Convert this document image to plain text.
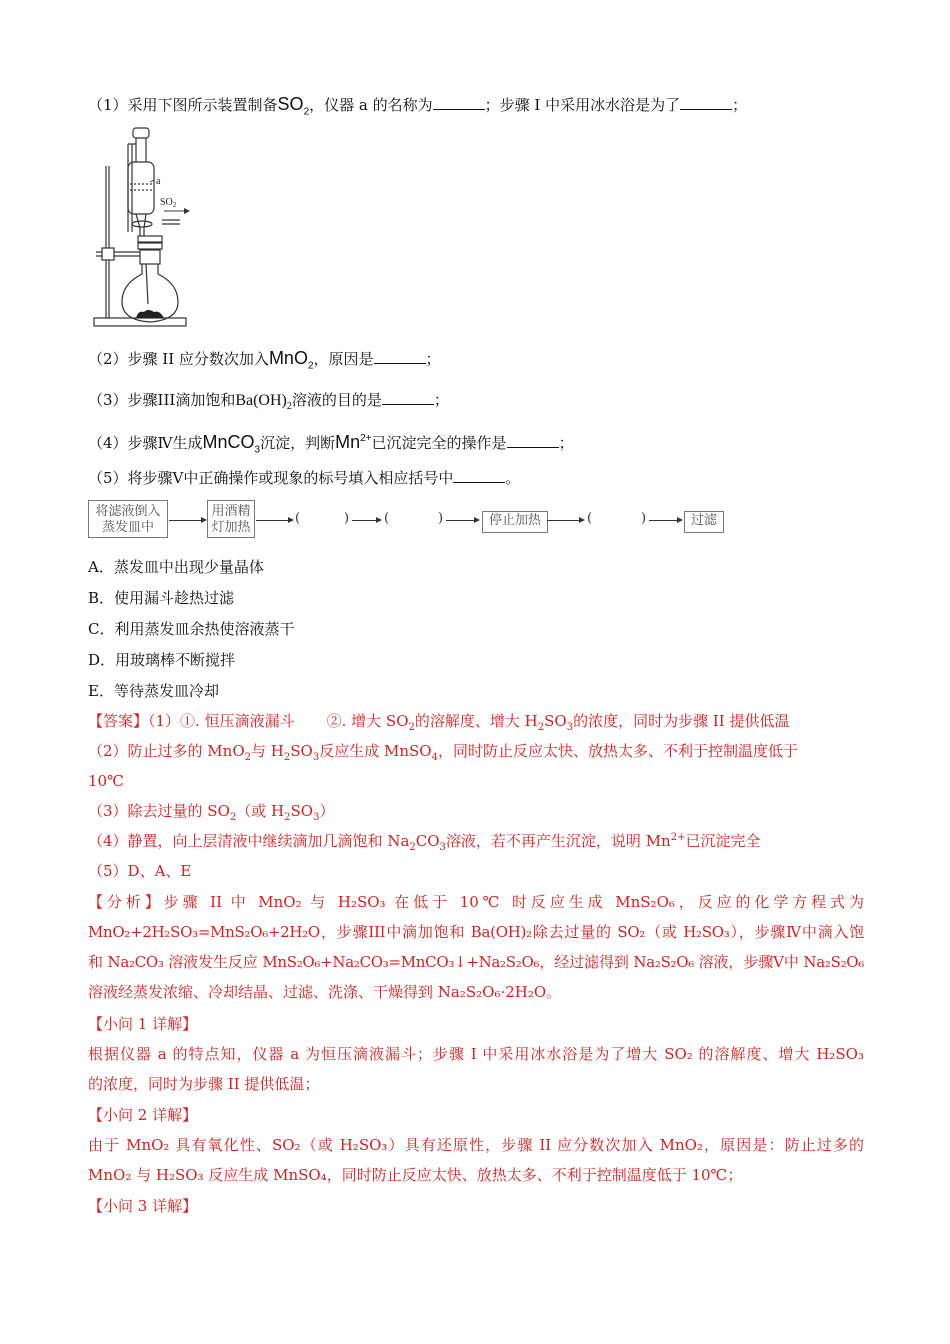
（1）采用下图所示装置制备$SO_2$，仪器 a 的名称为	；步骤 I 中采用冰水浴是为了	；
a
$SO_2$
（2）步骤 II 应分数次加入MnO$_2$，原因是	；
（3）步骤III滴加饱和$Ba(OH)_2$溶液的目的是	；
（4）步骤Ⅳ生成MnCO$_3$沉淀，判断$Mn^{2+}$已沉淀完全的操作是	；
（5）将步骤Ⅴ中正确操作或现象的标号填入相应括号中	。
将滤液倒入
蒸发皿中
用酒精
灯加热
(	)	(	)	停止加热	(	)	过滤
A．蒸发皿中出现少量晶体
B．使用漏斗趁热过滤
C．利用蒸发皿余热使溶液蒸干
D．用玻璃棒不断搅拌
E．等待蒸发皿冷却
【答案】（1）①. 恒压滴液漏斗 ②. 增大 $SO_2$的溶解度、增大 $H_2SO_3$的浓度，同时为步骤 II 提供低温
（2）防止过多的 MnO$_2$与 $H_2SO_3$反应生成 MnSO$_4$，同时防止反应太快、放热太多、不利于控制温度低于
10℃
（3）除去过量的 $SO_2$（或 $H_2SO_3$）
（4）静置，向上层清液中继续滴加几滴饱和 $Na_2CO_3$溶液，若不再产生沉淀，说明 $Mn^{2+}$已沉淀完全
（5）D、A、E
【分析】步骤 II 中 MnO₂ 与 H₂SO₃ 在低于 10℃ 时反应生成 MnS₂O₆，反应的化学方程式为
MnO₂+2H₂SO₃=MnS₂O₆+2H₂O，步骤III中滴加饱和 Ba(OH)₂除去过量的 SO₂（或 H₂SO₃），步骤Ⅳ中滴入饱
和 Na₂CO₃ 溶液发生反应 MnS₂O₆+Na₂CO₃=MnCO₃↓+Na₂S₂O₆，经过滤得到 Na₂S₂O₆ 溶液，步骤Ⅴ中 Na₂S₂O₆
溶液经蒸发浓缩、冷却结晶、过滤、洗涤、干燥得到 Na₂S₂O₆·2H₂O。
【小问 1 详解】
根据仪器 a 的特点知，仪器 a 为恒压滴液漏斗；步骤 I 中采用冰水浴是为了增大 SO₂ 的溶解度、增大 H₂SO₃
的浓度，同时为步骤 II 提供低温；
【小问 2 详解】
由于 MnO₂ 具有氧化性、SO₂（或 H₂SO₃）具有还原性，步骤 II 应分数次加入 MnO₂，原因是：防止过多的
MnO₂ 与 H₂SO₃ 反应生成 MnSO₄，同时防止反应太快、放热太多、不利于控制温度低于 10℃；
【小问 3 详解】
